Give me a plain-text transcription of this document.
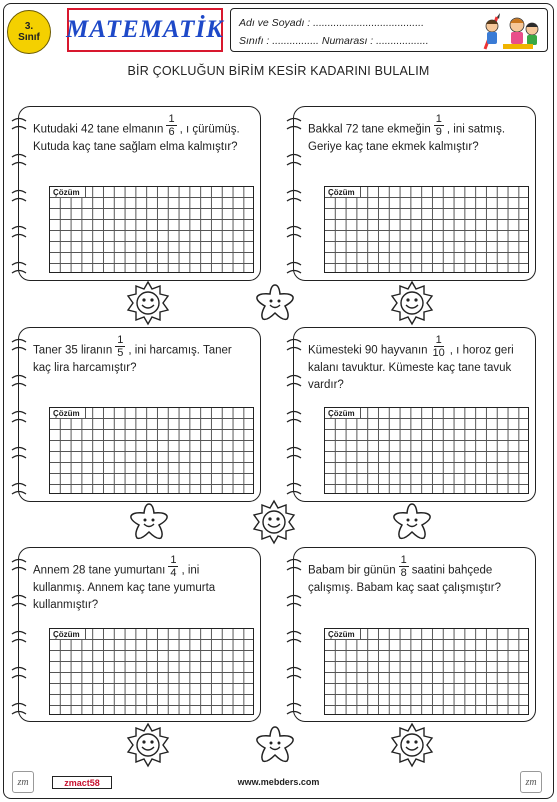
3.
Sınıf MATEMATİK Adı ve Soyadı : ......................................
Sınıfı : ................ Numarası : ..................
BİR ÇOKLUĞUN BİRİM KESİR KADARINI BULALIM
Kutudaki 42 tane elmanın $\frac{1}{6}$ , ı çürümüş. Kutuda kaç tane sağlam elma kalmıştır?
Çözüm
Bakkal 72 tane ekmeğin $\frac{1}{9}$ , ini satmış. Geriye kaç tane ekmek kalmıştır?
Çözüm
Taner 35 liranın $\frac{1}{5}$ , ini harcamış. Taner kaç lira harcamıştır?
Çözüm
Kümesteki 90 hayvanın $\frac{1}{10}$ , ı horoz geri kalanı tavuktur. Kümeste kaç tane tavuk vardır?
Çözüm
Annem 28 tane yumurtanı $\frac{1}{4}$ , ini kullanmış. Annem kaç tane yumurta kullanmıştır?
Çözüm
Babam bir günün $\frac{1}{8}$ saatini bahçede çalışmış. Babam kaç saat çalışmıştır?
Çözüm
zm	zmact58	www.mebders.com	zm
